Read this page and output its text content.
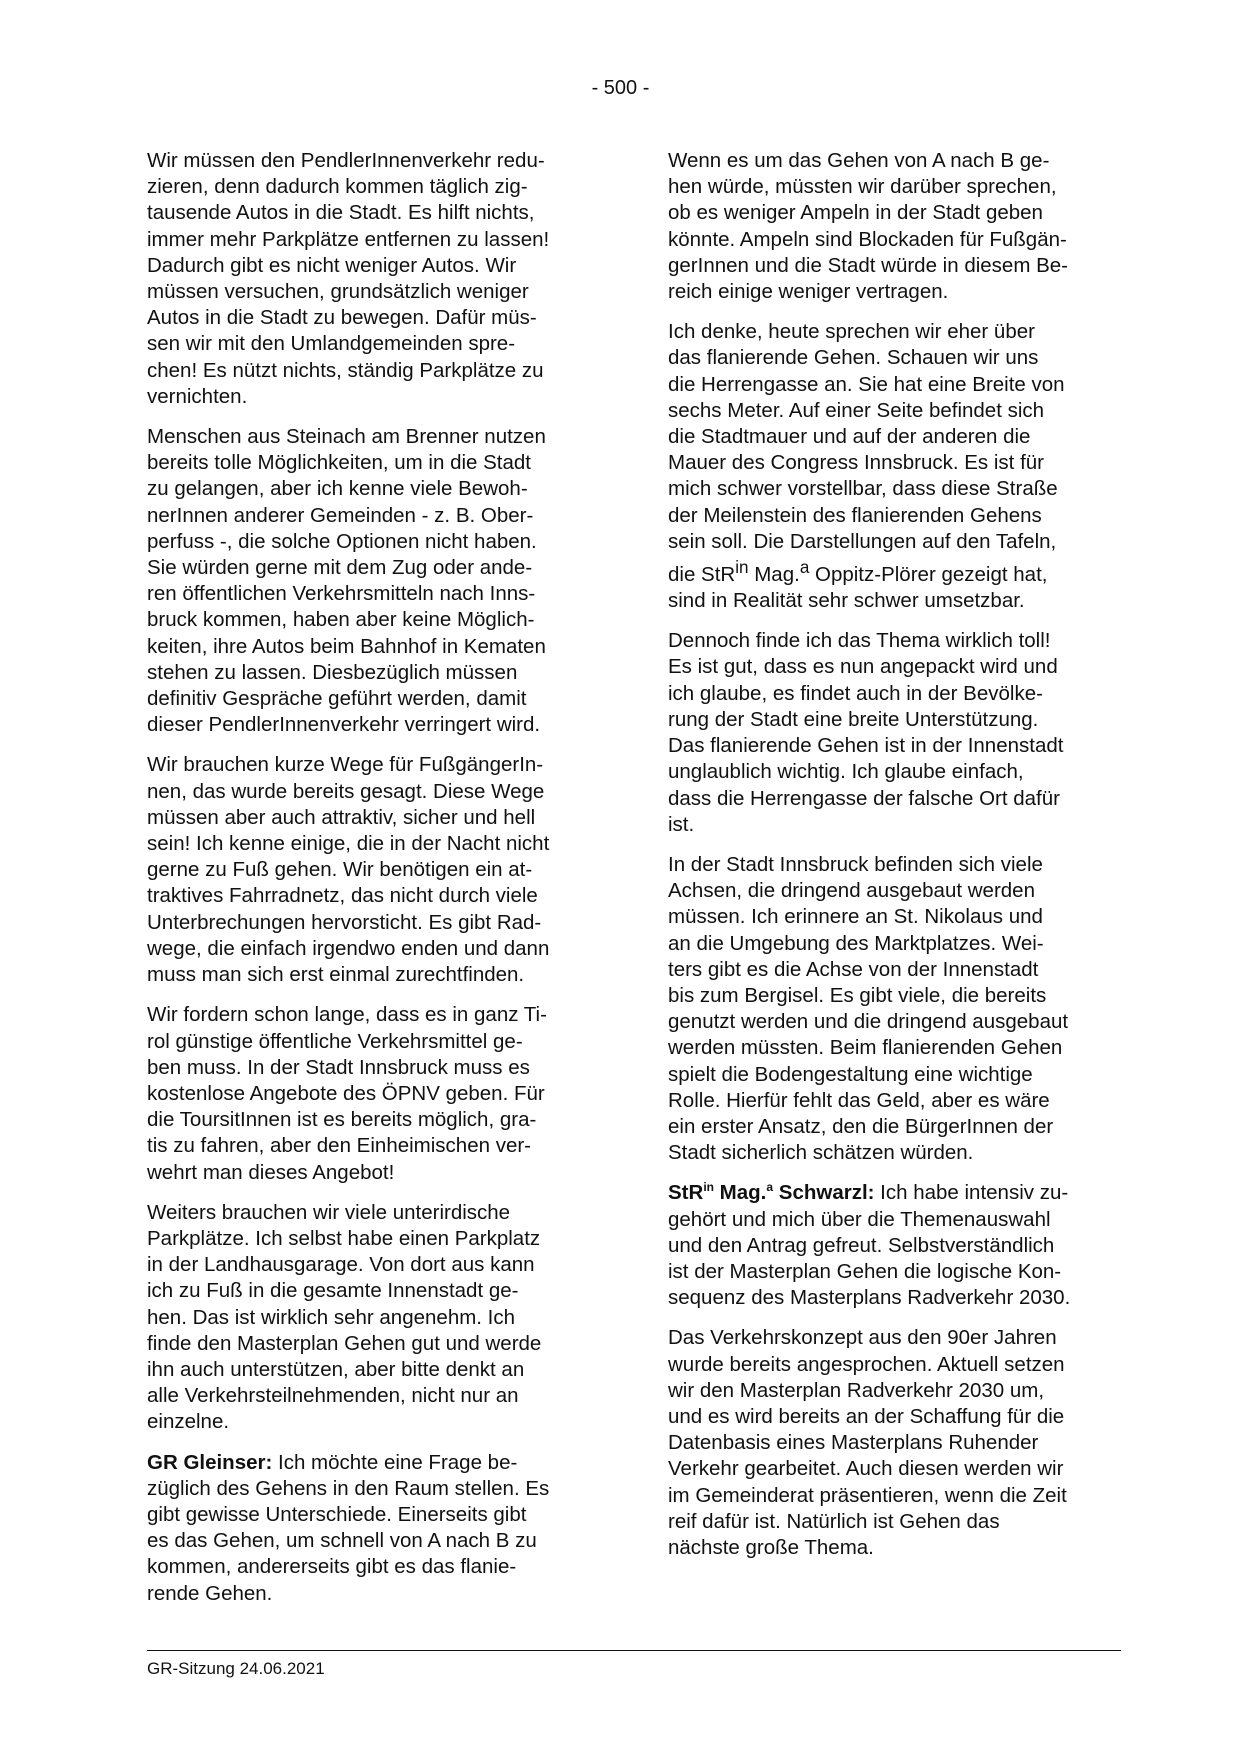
- 500 -

Wir müssen den PendlerInnenverkehr redu-
zieren, denn dadurch kommen täglich zig-
tausende Autos in die Stadt. Es hilft nichts,
immer mehr Parkplätze entfernen zu lassen!
Dadurch gibt es nicht weniger Autos. Wir
müssen versuchen, grundsätzlich weniger
Autos in die Stadt zu bewegen. Dafür müs-
sen wir mit den Umlandgemeinden spre-
chen! Es nützt nichts, ständig Parkplätze zu
vernichten.

Menschen aus Steinach am Brenner nutzen
bereits tolle Möglichkeiten, um in die Stadt
zu gelangen, aber ich kenne viele Bewoh-
nerInnen anderer Gemeinden - z. B. Ober-
perfuss -, die solche Optionen nicht haben.
Sie würden gerne mit dem Zug oder ande-
ren öffentlichen Verkehrsmitteln nach Inns-
bruck kommen, haben aber keine Möglich-
keiten, ihre Autos beim Bahnhof in Kematen
stehen zu lassen. Diesbezüglich müssen
definitiv Gespräche geführt werden, damit
dieser PendlerInnenverkehr verringert wird.

Wir brauchen kurze Wege für FußgängerIn-
nen, das wurde bereits gesagt. Diese Wege
müssen aber auch attraktiv, sicher und hell
sein! Ich kenne einige, die in der Nacht nicht
gerne zu Fuß gehen. Wir benötigen ein at-
traktives Fahrradnetz, das nicht durch viele
Unterbrechungen hervorsticht. Es gibt Rad-
wege, die einfach irgendwo enden und dann
muss man sich erst einmal zurechtfinden.

Wir fordern schon lange, dass es in ganz Ti-
rol günstige öffentliche Verkehrsmittel ge-
ben muss. In der Stadt Innsbruck muss es
kostenlose Angebote des ÖPNV geben. Für
die ToursitInnen ist es bereits möglich, gra-
tis zu fahren, aber den Einheimischen ver-
wehrt man dieses Angebot!

Weiters brauchen wir viele unterirdische
Parkplätze. Ich selbst habe einen Parkplatz
in der Landhausgarage. Von dort aus kann
ich zu Fuß in die gesamte Innenstadt ge-
hen. Das ist wirklich sehr angenehm. Ich
finde den Masterplan Gehen gut und werde
ihn auch unterstützen, aber bitte denkt an
alle Verkehrsteilnehmenden, nicht nur an
einzelne.

GR Gleinser: Ich möchte eine Frage be-
züglich des Gehens in den Raum stellen. Es
gibt gewisse Unterschiede. Einerseits gibt
es das Gehen, um schnell von A nach B zu
kommen, andererseits gibt es das flanie-
rende Gehen.

Wenn es um das Gehen von A nach B ge-
hen würde, müssten wir darüber sprechen,
ob es weniger Ampeln in der Stadt geben
könnte. Ampeln sind Blockaden für Fußgän-
gerInnen und die Stadt würde in diesem Be-
reich einige weniger vertragen.

Ich denke, heute sprechen wir eher über
das flanierende Gehen. Schauen wir uns
die Herrengasse an. Sie hat eine Breite von
sechs Meter. Auf einer Seite befindet sich
die Stadtmauer und auf der anderen die
Mauer des Congress Innsbruck. Es ist für
mich schwer vorstellbar, dass diese Straße
der Meilenstein des flanierenden Gehens
sein soll. Die Darstellungen auf den Tafeln,
die StR$^{in}$ Mag.$^a$ Oppitz-Plörer gezeigt hat,
sind in Realität sehr schwer umsetzbar.

Dennoch finde ich das Thema wirklich toll!
Es ist gut, dass es nun angepackt wird und
ich glaube, es findet auch in der Bevölke-
rung der Stadt eine breite Unterstützung.
Das flanierende Gehen ist in der Innenstadt
unglaublich wichtig. Ich glaube einfach,
dass die Herrengasse der falsche Ort dafür
ist.

In der Stadt Innsbruck befinden sich viele
Achsen, die dringend ausgebaut werden
müssen. Ich erinnere an St. Nikolaus und
an die Umgebung des Marktplatzes. Wei-
ters gibt es die Achse von der Innenstadt
bis zum Bergisel. Es gibt viele, die bereits
genutzt werden und die dringend ausgebaut
werden müssten. Beim flanierenden Gehen
spielt die Bodengestaltung eine wichtige
Rolle. Hierfür fehlt das Geld, aber es wäre
ein erster Ansatz, den die BürgerInnen der
Stadt sicherlich schätzen würden.

StR$^{in}$ Mag.$^a$ Schwarzl: Ich habe intensiv zu-
gehört und mich über die Themenauswahl
und den Antrag gefreut. Selbstverständlich
ist der Masterplan Gehen die logische Kon-
sequenz des Masterplans Radverkehr 2030.

Das Verkehrskonzept aus den 90er Jahren
wurde bereits angesprochen. Aktuell setzen
wir den Masterplan Radverkehr 2030 um,
und es wird bereits an der Schaffung für die
Datenbasis eines Masterplans Ruhender
Verkehr gearbeitet. Auch diesen werden wir
im Gemeinderat präsentieren, wenn die Zeit
reif dafür ist. Natürlich ist Gehen das
nächste große Thema.

GR-Sitzung 24.06.2021
